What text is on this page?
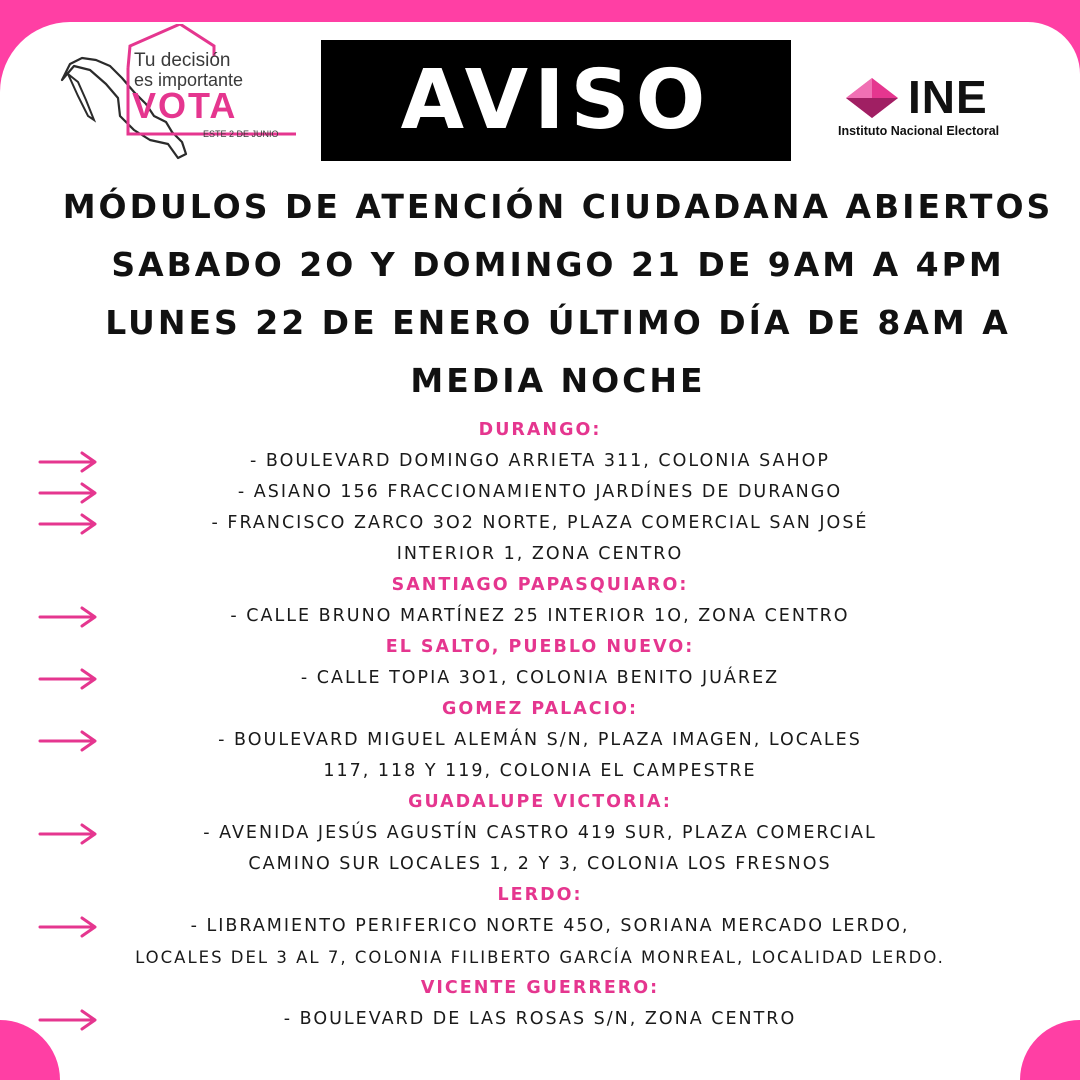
Tu decisión
es importante
VOTA
ESTE 2 DE JUNIO	AVISO	INE
Instituto Nacional Electoral
MÓDULOS DE ATENCIÓN CIUDADANA ABIERTOS
SABADO 2O Y DOMINGO 21 DE 9AM A 4PM
LUNES 22 DE ENERO ÚLTIMO DÍA DE 8AM A
MEDIA NOCHE
DURANGO:
- BOULEVARD DOMINGO ARRIETA 311, COLONIA SAHOP
- ASIANO 156 FRACCIONAMIENTO JARDÍNES DE DURANGO
- FRANCISCO ZARCO 3O2 NORTE, PLAZA COMERCIAL SAN JOSÉ
INTERIOR 1, ZONA CENTRO
SANTIAGO PAPASQUIARO:
- CALLE BRUNO MARTÍNEZ 25 INTERIOR 1O, ZONA CENTRO
EL SALTO, PUEBLO NUEVO:
- CALLE TOPIA 3O1, COLONIA BENITO JUÁREZ
GOMEZ PALACIO:
- BOULEVARD MIGUEL ALEMÁN S/N, PLAZA IMAGEN, LOCALES
117, 118 Y 119, COLONIA EL CAMPESTRE
GUADALUPE VICTORIA:
- AVENIDA JESÚS AGUSTÍN CASTRO 419 SUR, PLAZA COMERCIAL
CAMINO SUR LOCALES 1, 2 Y 3, COLONIA LOS FRESNOS
LERDO:
- LIBRAMIENTO PERIFERICO NORTE 45O, SORIANA MERCADO LERDO,
LOCALES DEL 3 AL 7, COLONIA FILIBERTO GARCÍA MONREAL, LOCALIDAD LERDO.
VICENTE GUERRERO:
- BOULEVARD DE LAS ROSAS S/N, ZONA CENTRO
